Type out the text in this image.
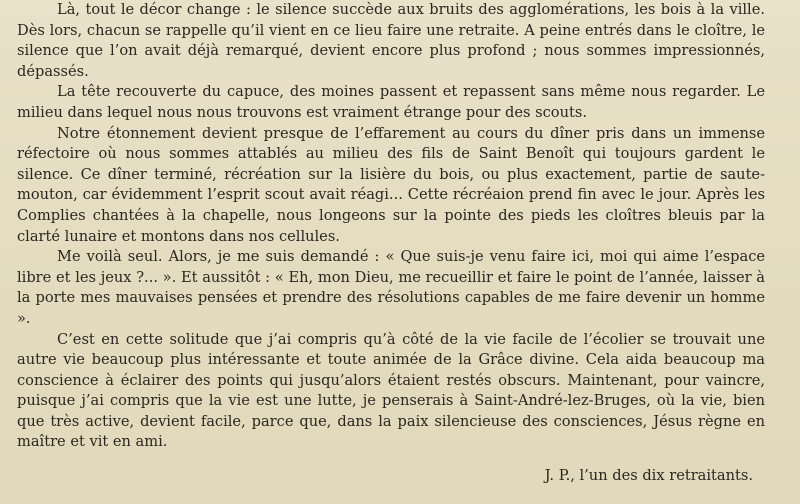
Là, tout le décor change : le silence succède aux bruits des agglomérations, les bois à la ville. Dès lors, chacun se rappelle qu’il vient en ce lieu faire une retraite. A peine entrés dans le cloître, le silence que l’on avait déjà remarqué, devient encore plus profond ; nous sommes impressionnés, dépassés.

La tête recouverte du capuce, des moines passent et repassent sans même nous regarder. Le milieu dans lequel nous nous trouvons est vraiment étrange pour des scouts.

Notre étonnement devient presque de l’effarement au cours du dîner pris dans un immense réfectoire où nous sommes attablés au milieu des fils de Saint Benoît qui toujours gardent le silence. Ce dîner terminé, récréation sur la lisière du bois, ou plus exactement, partie de saute-mouton, car évidemment l’esprit scout avait réagi... Cette récréaion prend fin avec le jour. Après les Complies chantées à la chapelle, nous longeons sur la pointe des pieds les cloîtres bleuis par la clarté lunaire et montons dans nos cellules.

Me voilà seul. Alors, je me suis demandé : « Que suis-je venu faire ici, moi qui aime l’espace libre et les jeux ?... ». Et aussitôt : « Eh, mon Dieu, me recueillir et faire le point de l’année, laisser à la porte mes mauvaises pensées et prendre des résolutions capables de me faire devenir un homme ».

C’est en cette solitude que j’ai compris qu’à côté de la vie facile de l’écolier se trouvait une autre vie beaucoup plus intéressante et toute animée de la Grâce divine. Cela aida beaucoup ma conscience à éclairer des points qui jusqu’alors étaient restés obscurs. Maintenant, pour vaincre, puisque j’ai compris que la vie est une lutte, je penserais à Saint-André-lez-Bruges, où la vie, bien que très active, devient facile, parce que, dans la paix silencieuse des consciences, Jésus règne en maître et vit en ami.

J. P., l’un des dix retraitants.
